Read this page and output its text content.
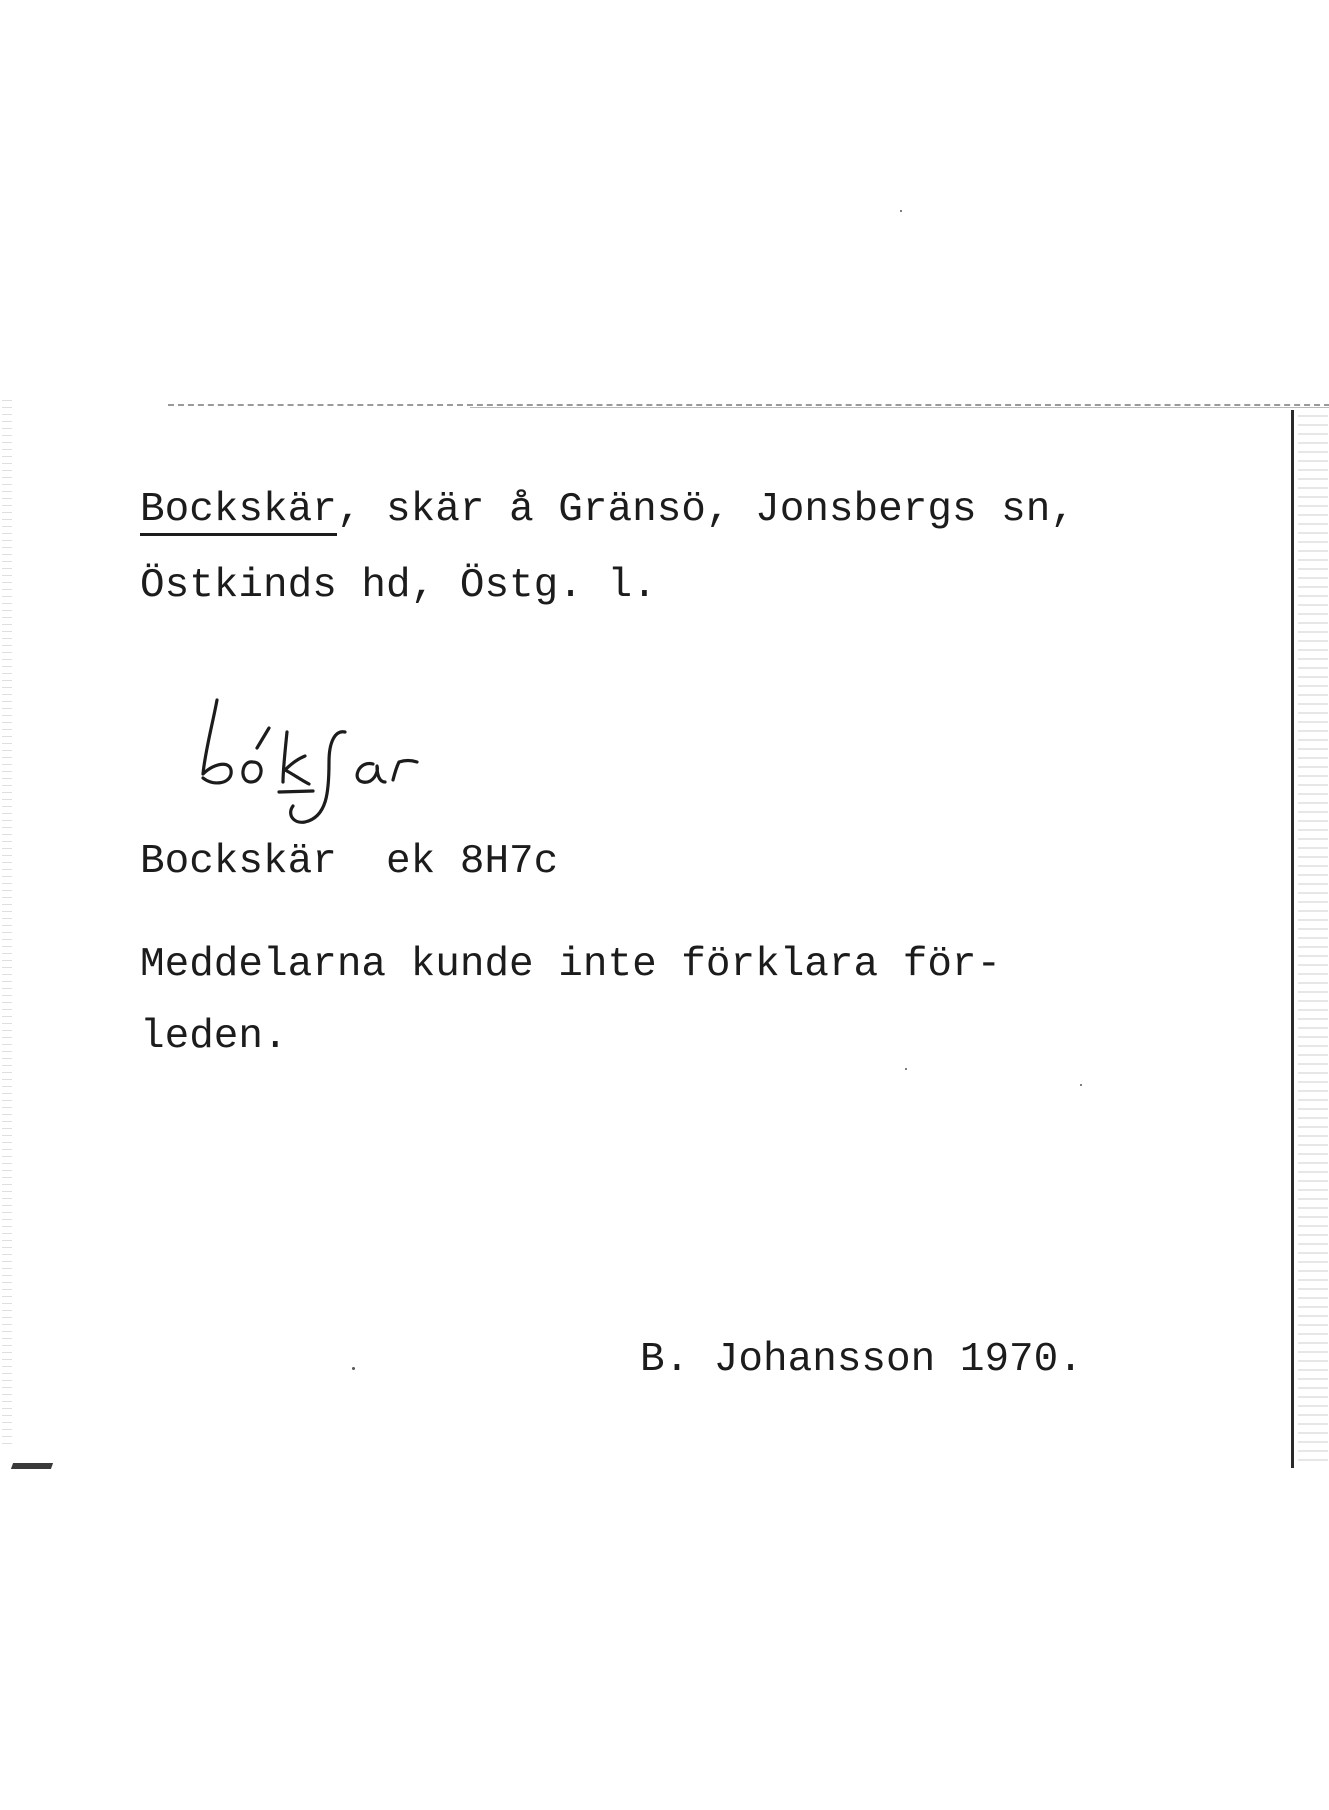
Bockskär, skär å Gränsö, Jonsbergs sn,
Östkinds hd, Östg. l.
Bockskär  ek 8H7c
Meddelarna kunde inte förklara för-
leden.
B. Johansson 1970.
